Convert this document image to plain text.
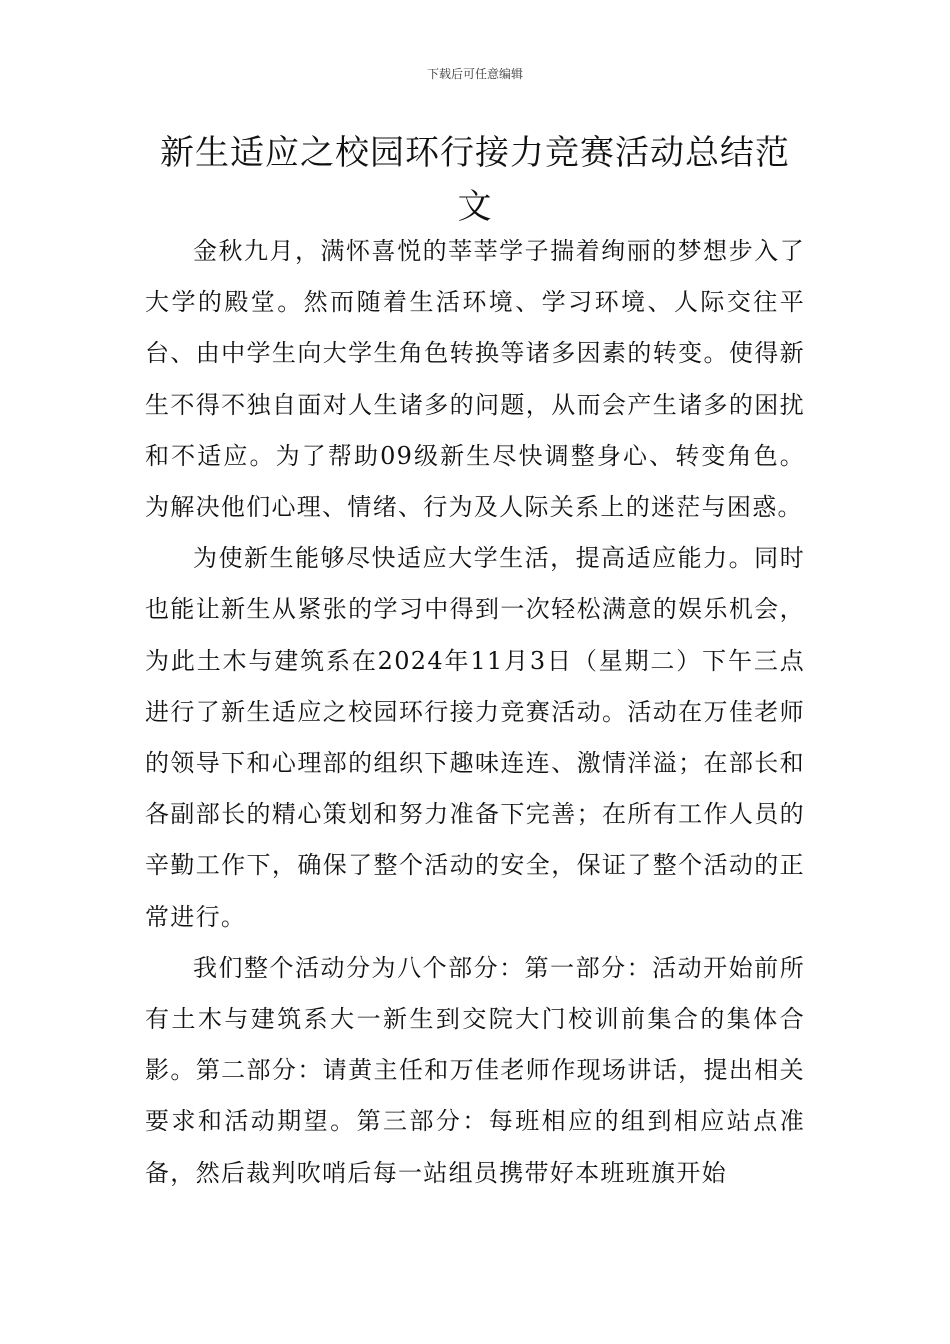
下载后可任意编辑
新生适应之校园环行接力竞赛活动总结范文

金秋九月，满怀喜悦的莘莘学子揣着绚丽的梦想步入了大学的殿堂。然而随着生活环境、学习环境、人际交往平台、由中学生向大学生角色转换等诸多因素的转变。使得新生不得不独自面对人生诸多的问题，从而会产生诸多的困扰和不适应。为了帮助09级新生尽快调整身心、转变角色。为解决他们心理、情绪、行为及人际关系上的迷茫与困惑。

为使新生能够尽快适应大学生活，提高适应能力。同时也能让新生从紧张的学习中得到一次轻松满意的娱乐机会，为此土木与建筑系在2024年11月3日（星期二）下午三点进行了新生适应之校园环行接力竞赛活动。活动在万佳老师的领导下和心理部的组织下趣味连连、激情洋溢；在部长和各副部长的精心策划和努力准备下完善；在所有工作人员的辛勤工作下，确保了整个活动的安全，保证了整个活动的正常进行。

我们整个活动分为八个部分：第一部分：活动开始前所有土木与建筑系大一新生到交院大门校训前集合的集体合影。第二部分：请黄主任和万佳老师作现场讲话，提出相关要求和活动期望。第三部分：每班相应的组到相应站点准备，然后裁判吹哨后每一站组员携带好本班班旗开始
